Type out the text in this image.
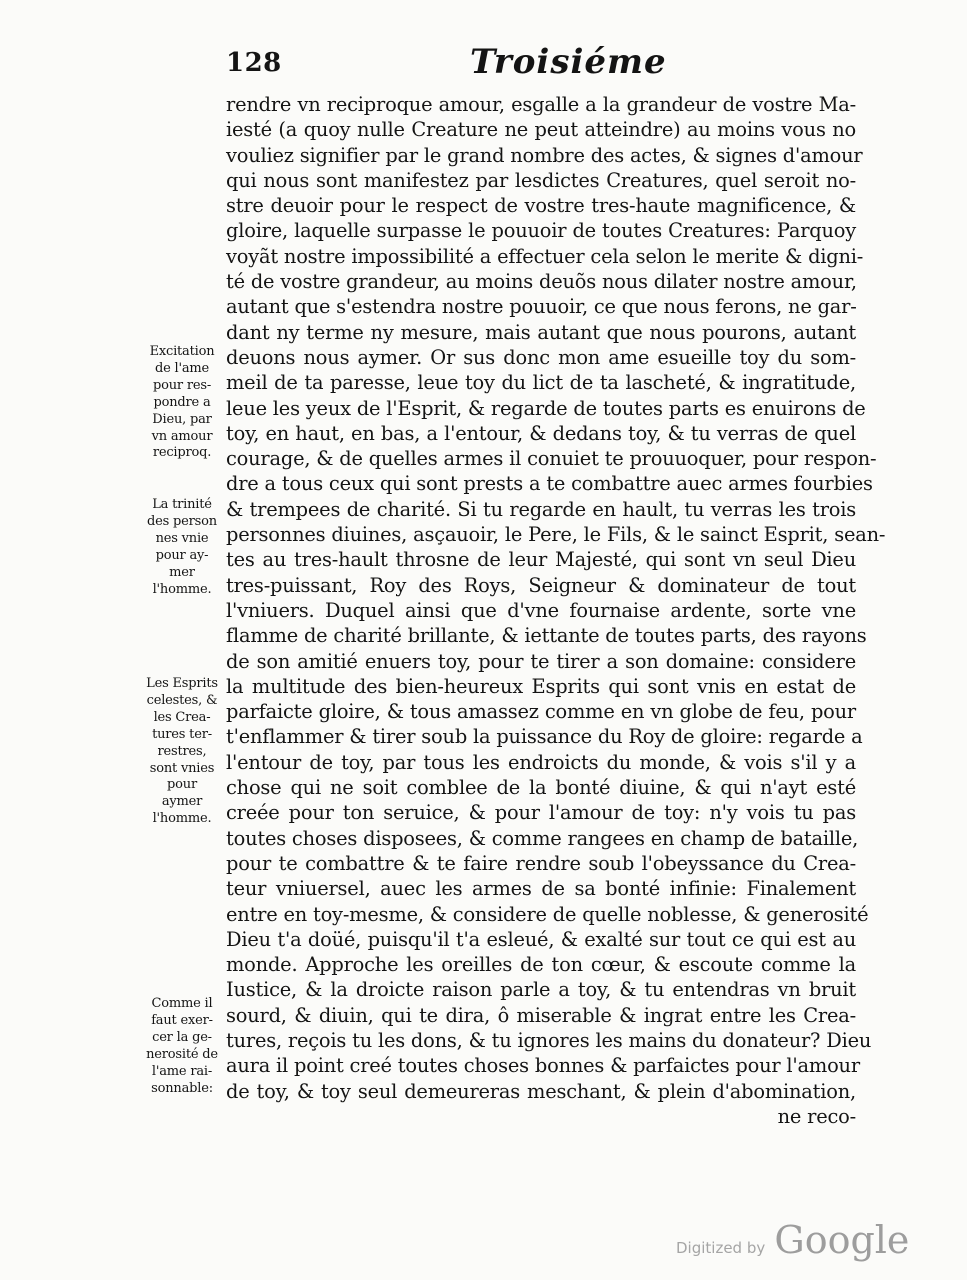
128	Troisiéme
rendre vn reciproque amour, esgalle a la grandeur de vostre Ma-
iesté (a quoy nulle Creature ne peut atteindre) au moins vous no
vouliez signifier par le grand nombre des actes, & signes d'amour
qui nous sont manifestez par lesdictes Creatures, quel seroit no-
stre deuoir pour le respect de vostre tres-haute magnificence, &
gloire, laquelle surpasse le pouuoir de toutes Creatures: Parquoy
voyãt nostre impossibilité a effectuer cela selon le merite & digni-
té de vostre grandeur, au moins deuõs nous dilater nostre amour,
autant que s'estendra nostre pouuoir, ce que nous ferons, ne gar-
dant ny terme ny mesure, mais autant que nous pourons, autant
deuons nous aymer. Or sus donc mon ame esueille toy du som-
meil de ta paresse, leue toy du lict de ta lascheté, & ingratitude,
leue les yeux de l'Esprit, & regarde de toutes parts es enuirons de
toy, en haut, en bas, a l'entour, & dedans toy, & tu verras de quel
courage, & de quelles armes il conuiet te prouuoquer, pour respon-
dre a tous ceux qui sont prests a te combattre auec armes fourbies
& trempees de charité. Si tu regarde en hault, tu verras les trois
personnes diuines, asçauoir, le Pere, le Fils, & le sainct Esprit, sean-
tes au tres-hault throsne de leur Majesté, qui sont vn seul Dieu
tres-puissant, Roy des Roys, Seigneur & dominateur de tout
l'vniuers. Duquel ainsi que d'vne fournaise ardente, sorte vne
flamme de charité brillante, & iettante de toutes parts, des rayons
de son amitié enuers toy, pour te tirer a son domaine: considere
la multitude des bien-heureux Esprits qui sont vnis en estat de
parfaicte gloire, & tous amassez comme en vn globe de feu, pour
t'enflammer & tirer soub la puissance du Roy de gloire: regarde a
l'entour de toy, par tous les endroicts du monde, & vois s'il y a
chose qui ne soit comblee de la bonté diuine, & qui n'ayt esté
creée pour ton seruice, & pour l'amour de toy: n'y vois tu pas
toutes choses disposees, & comme rangees en champ de bataille,
pour te combattre & te faire rendre soub l'obeyssance du Crea-
teur vniuersel, auec les armes de sa bonté infinie: Finalement
entre en toy-mesme, & considere de quelle noblesse, & generosité
Dieu t'a doüé, puisqu'il t'a esleué, & exalté sur tout ce qui est au
monde. Approche les oreilles de ton cœur, & escoute comme la
Iustice, & la droicte raison parle a toy, & tu entendras vn bruit
sourd, & diuin, qui te dira, ô miserable & ingrat entre les Crea-
tures, reçois tu les dons, & tu ignores les mains du donateur? Dieu
aura il point creé toutes choses bonnes & parfaictes pour l'amour
de toy, & toy seul demeureras meschant, & plein d'abomination,
ne reco-
Excitation
de l'ame
pour res-
pondre a
Dieu, par
vn amour
reciproq.
La trinité
des person
nes vnie
pour ay-
mer
l'homme.
Les Esprits
celestes, &
les Crea-
tures ter-
restres,
sont vnies
pour
aymer
l'homme.
Comme il
faut exer-
cer la ge-
nerosité de
l'ame rai-
sonnable:
Digitized by Google
